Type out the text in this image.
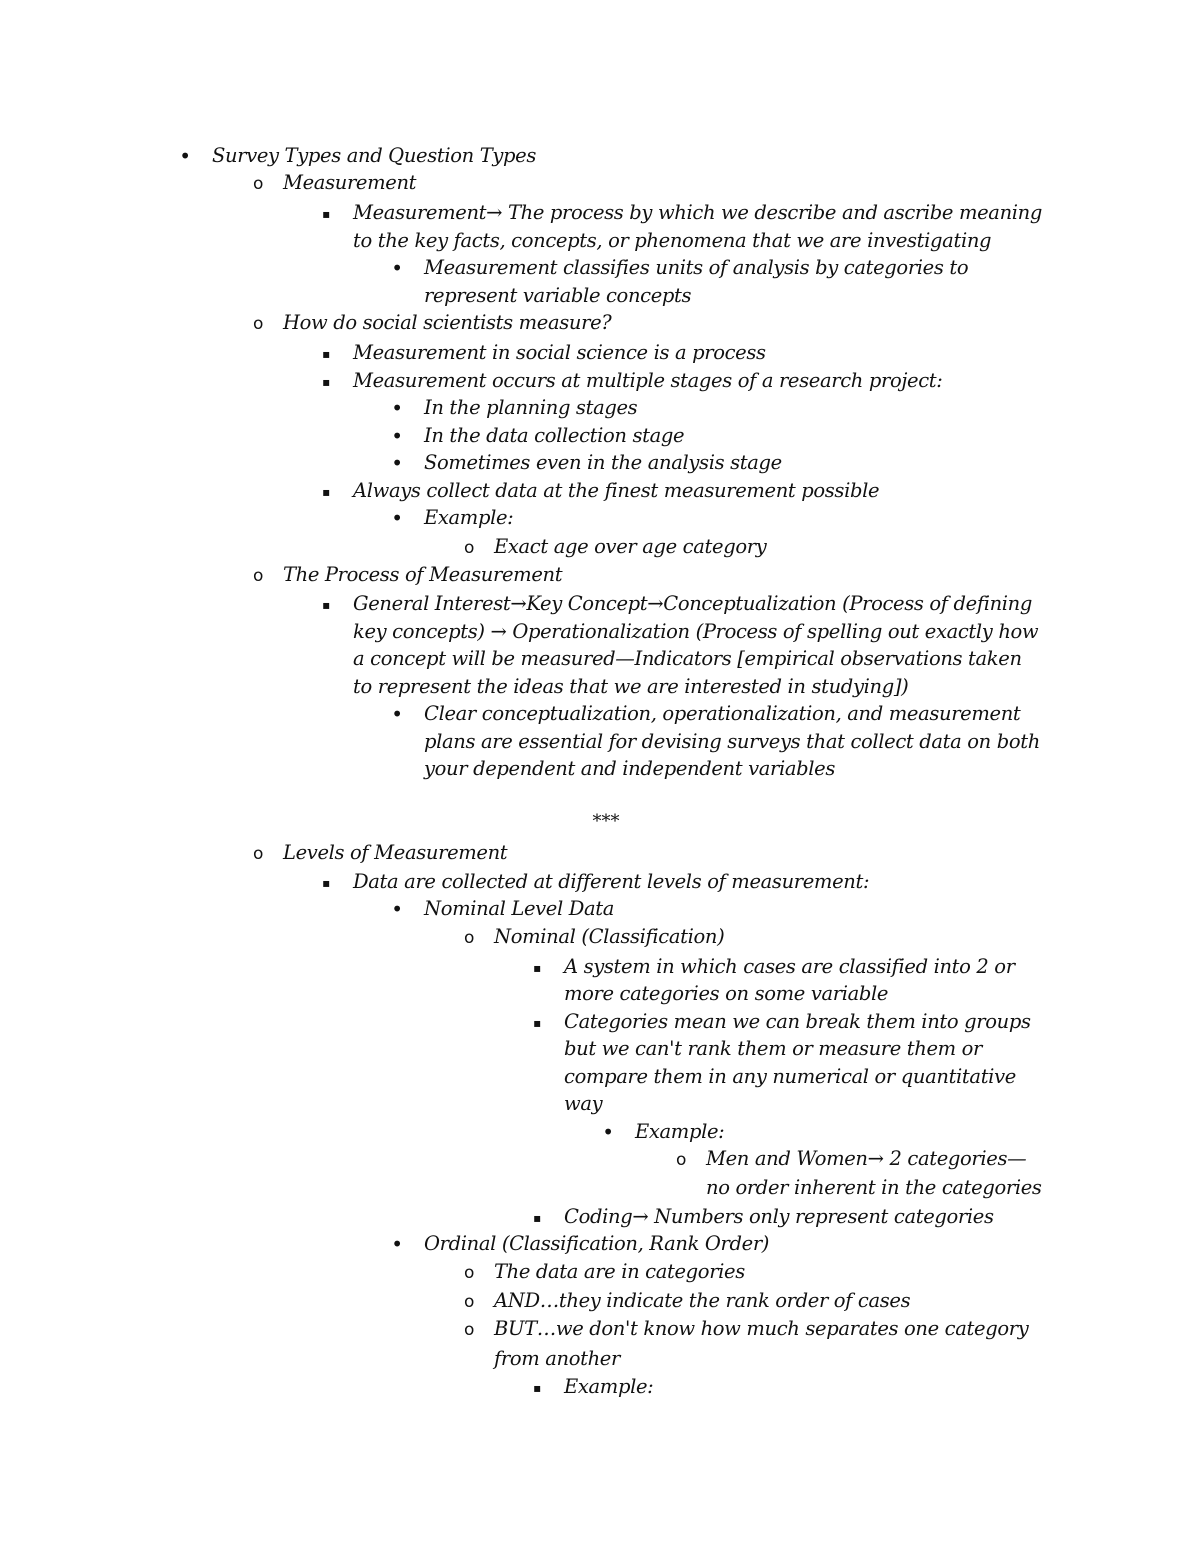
***
• Survey Types and Question Types
o	Measurement
▪	Measurement→ The process by which we describe and ascribe meaning
to the key facts, concepts, or phenomena that we are investigating
• Measurement classifies units of analysis by categories to
represent variable concepts
o	How do social scientists measure?
▪	Measurement in social science is a process
▪	Measurement occurs at multiple stages of a research project:
• In the planning stages
• In the data collection stage
• Sometimes even in the analysis stage
▪	Always collect data at the finest measurement possible
• Example:
o	Exact age over age category
o	The Process of Measurement
▪	General Interest→Key Concept→Conceptualization (Process of defining
key concepts) → Operationalization (Process of spelling out exactly how
a concept will be measured—Indicators [empirical observations taken
to represent the ideas that we are interested in studying])
• Clear conceptualization, operationalization, and measurement
plans are essential for devising surveys that collect data on both
your dependent and independent variables
o	Levels of Measurement
▪	Data are collected at different levels of measurement:
• Nominal Level Data
o	Nominal (Classification)
▪	A system in which cases are classified into 2 or
more categories on some variable
▪	Categories mean we can break them into groups
but we can't rank them or measure them or
compare them in any numerical or quantitative
way
• Example:
o	Men and Women→ 2 categories—
no order inherent in the categories
▪	Coding→ Numbers only represent categories
• Ordinal (Classification, Rank Order)
o	The data are in categories
o	AND…they indicate the rank order of cases
o	BUT…we don't know how much separates one category
from another
▪	Example:
